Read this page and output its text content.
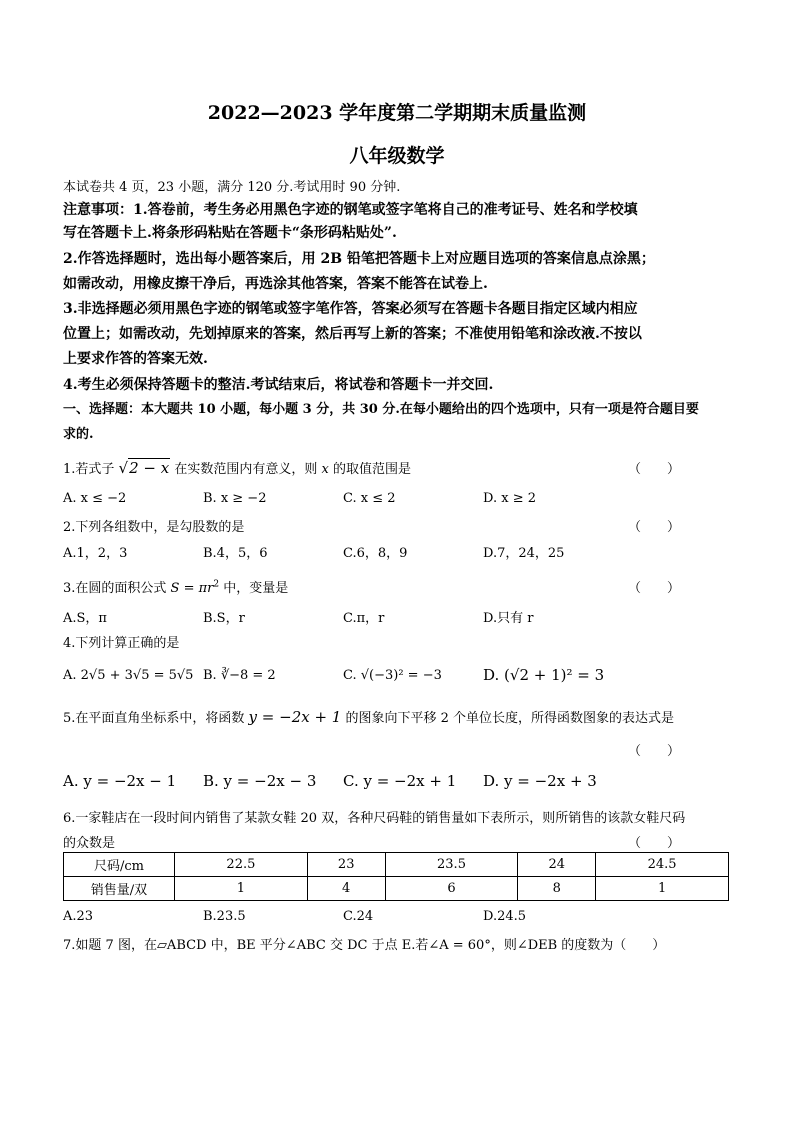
2022—2023 学年度第二学期期末质量监测
八年级数学
本试卷共 4 页，23 小题，满分 120 分.考试用时 90 分钟.
注意事项：1.答卷前，考生务必用黑色字迹的钢笔或签字笔将自己的准考证号、姓名和学校填
写在答题卡上.将条形码粘贴在答题卡“条形码粘贴处”.
2.作答选择题时，选出每小题答案后，用 2B 铅笔把答题卡上对应题目选项的答案信息点涂黑；
如需改动，用橡皮擦干净后，再选涂其他答案，答案不能答在试卷上.
3.非选择题必须用黑色字迹的钢笔或签字笔作答，答案必须写在答题卡各题目指定区域内相应
位置上；如需改动，先划掉原来的答案，然后再写上新的答案；不准使用铅笔和涂改液.不按以
上要求作答的答案无效.
4.考生必须保持答题卡的整洁.考试结束后，将试卷和答题卡一并交回.
一、选择题：本大题共 10 小题，每小题 3 分，共 30 分.在每小题给出的四个选项中，只有一项是符合题目要
求的.
1.若式子 √2 − x 在实数范围内有意义，则 x 的取值范围是	（　　）
A. x ≤ −2	B. x ≥ −2	C. x ≤ 2	D. x ≥ 2
2.下列各组数中，是勾股数的是	（　　）
A.1，2，3	B.4，5，6	C.6，8，9	D.7，24，25
3.在圆的面积公式 $S = \pi r^2$ 中，变量是	（　　）
A.S，π	B.S，r	C.π，r	D.只有 r
4.下列计算正确的是
A. 2√5 + 3√5 = 5√5 B. ∛−8 = 2	C. √(−3)² = −3	D. (√2 + 1)² = 3
5.在平面直角坐标系中，将函数 y = −2x + 1 的图象向下平移 2 个单位长度，所得函数图象的表达式是
（　　）
A. y = −2x − 1 B. y = −2x − 3 C. y = −2x + 1 D. y = −2x + 3
6.一家鞋店在一段时间内销售了某款女鞋 20 双，各种尺码鞋的销售量如下表所示，则所销售的该款女鞋尺码
的众数是	（　　）
尺码/cm	22.5	23	23.5	24	24.5
销售量/双	1	4	6	8	1
A.23	B.23.5	C.24	D.24.5
7.如题 7 图，在▱ABCD 中，BE 平分∠ABC 交 DC 于点 E.若∠A = 60°，则∠DEB 的度数为（　　）
